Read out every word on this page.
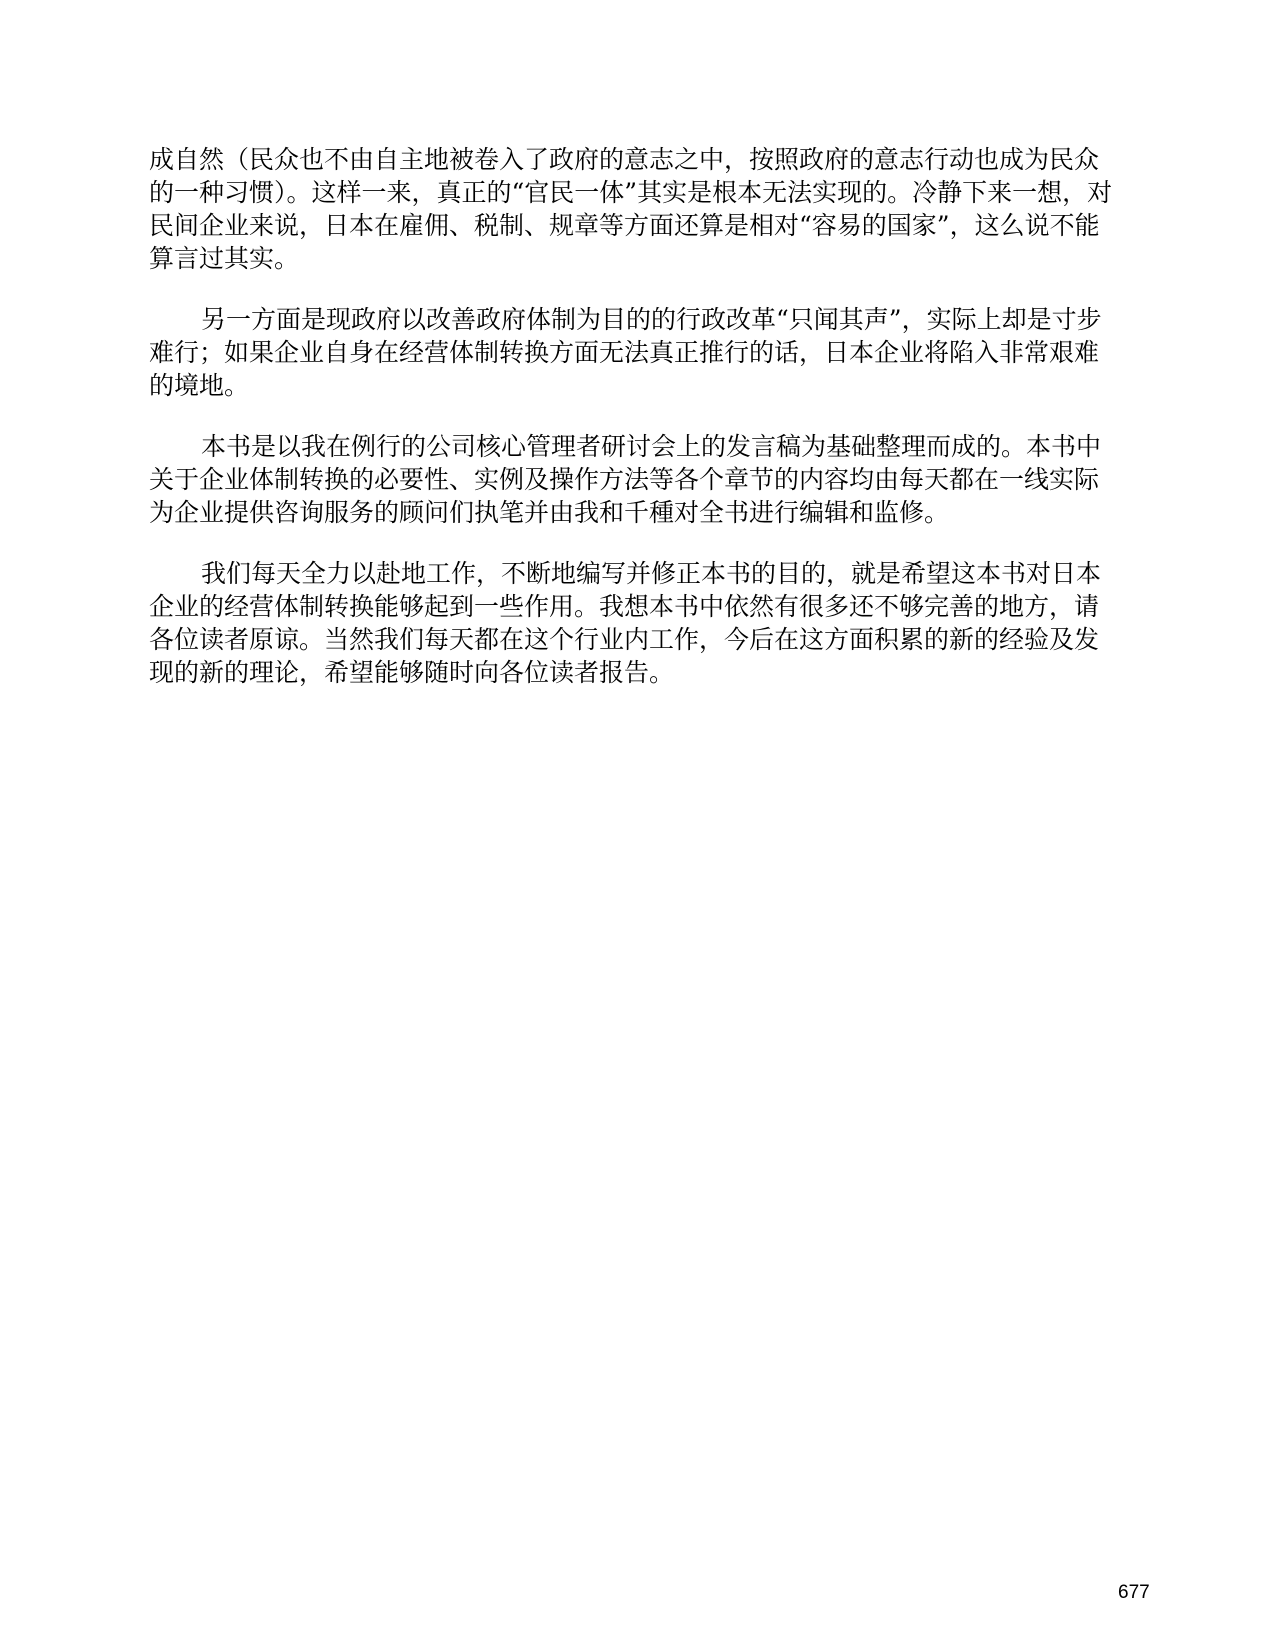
成自然（民众也不由自主地被卷入了政府的意志之中，按照政府的意志行动也成为民众的一种习惯）。这样一来，真正的“官民一体”其实是根本无法实现的。冷静下来一想，对民间企业来说，日本在雇佣、税制、规章等方面还算是相对“容易的国家”，这么说不能算言过其实。

另一方面是现政府以改善政府体制为目的的行政改革“只闻其声”，实际上却是寸步难行；如果企业自身在经营体制转换方面无法真正推行的话，日本企业将陷入非常艰难的境地。

本书是以我在例行的公司核心管理者研讨会上的发言稿为基础整理而成的。本书中关于企业体制转换的必要性、实例及操作方法等各个章节的内容均由每天都在一线实际为企业提供咨询服务的顾问们执笔并由我和千種对全书进行编辑和监修。

我们每天全力以赴地工作，不断地编写并修正本书的目的，就是希望这本书对日本企业的经营体制转换能够起到一些作用。我想本书中依然有很多还不够完善的地方，请各位读者原谅。当然我们每天都在这个行业内工作，今后在这方面积累的新的经验及发现的新的理论，希望能够随时向各位读者报告。

677
